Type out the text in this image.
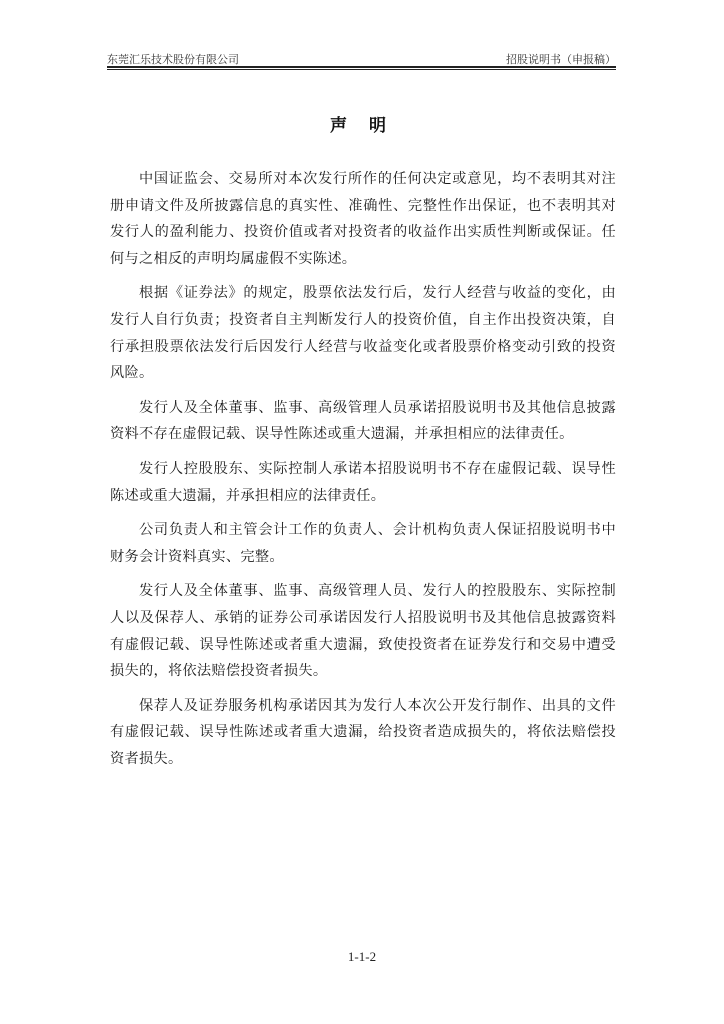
东莞汇乐技术股份有限公司	招股说明书（申报稿）
声 明

中国证监会、交易所对本次发行所作的任何决定或意见，均不表明其对注册申请文件及所披露信息的真实性、准确性、完整性作出保证，也不表明其对发行人的盈利能力、投资价值或者对投资者的收益作出实质性判断或保证。任何与之相反的声明均属虚假不实陈述。

根据《证券法》的规定，股票依法发行后，发行人经营与收益的变化，由发行人自行负责；投资者自主判断发行人的投资价值，自主作出投资决策，自行承担股票依法发行后因发行人经营与收益变化或者股票价格变动引致的投资风险。

发行人及全体董事、监事、高级管理人员承诺招股说明书及其他信息披露资料不存在虚假记载、误导性陈述或重大遗漏，并承担相应的法律责任。

发行人控股股东、实际控制人承诺本招股说明书不存在虚假记载、误导性陈述或重大遗漏，并承担相应的法律责任。

公司负责人和主管会计工作的负责人、会计机构负责人保证招股说明书中财务会计资料真实、完整。

发行人及全体董事、监事、高级管理人员、发行人的控股股东、实际控制人以及保荐人、承销的证券公司承诺因发行人招股说明书及其他信息披露资料有虚假记载、误导性陈述或者重大遗漏，致使投资者在证券发行和交易中遭受损失的，将依法赔偿投资者损失。

保荐人及证券服务机构承诺因其为发行人本次公开发行制作、出具的文件有虚假记载、误导性陈述或者重大遗漏，给投资者造成损失的，将依法赔偿投资者损失。

1-1-2
